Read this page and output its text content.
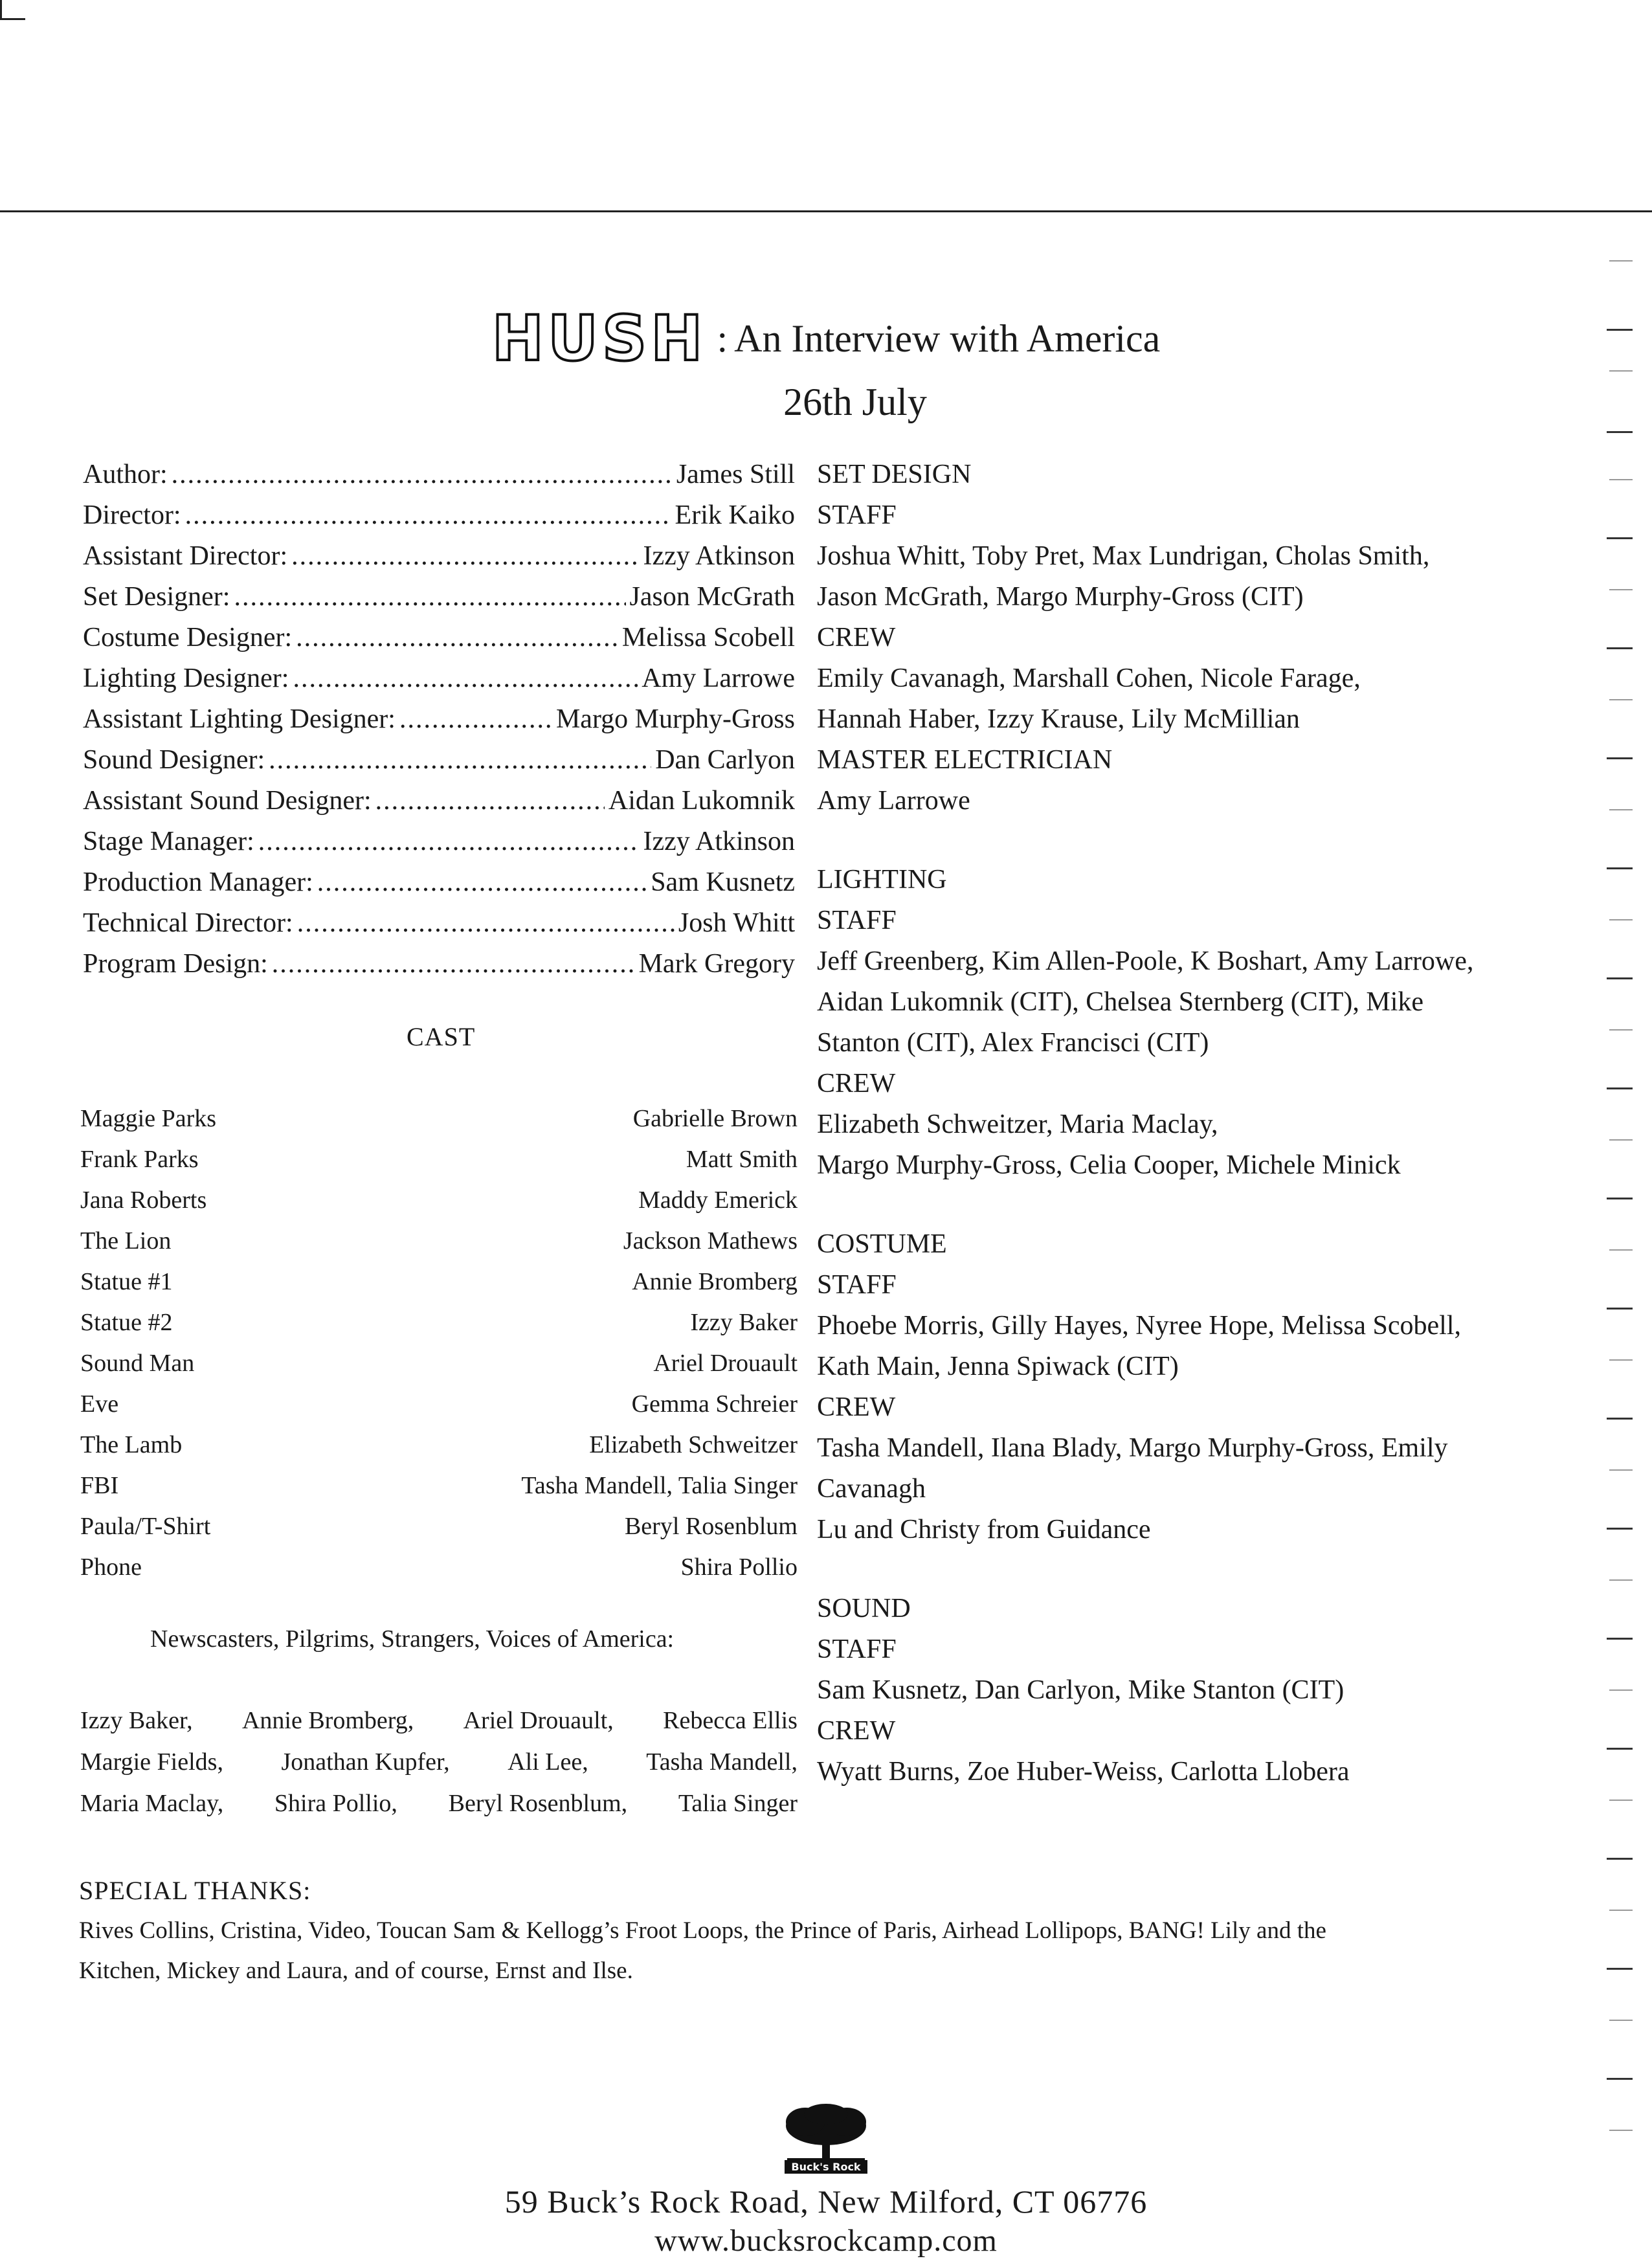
HUSH : An Interview with America
26th July
Author: .....	James Still
Director: .....	Erik Kaiko
Assistant Director: .....	Izzy Atkinson
Set Designer: .....	Jason McGrath
Costume Designer: .....	Melissa Scobell
Lighting Designer: .....	Amy Larrowe
Assistant Lighting Designer: .....	Margo Murphy-Gross
Sound Designer: .....	Dan Carlyon
Assistant Sound Designer: .....	Aidan Lukomnik
Stage Manager: .....	Izzy Atkinson
Production Manager: .....	Sam Kusnetz
Technical Director: .....	Josh Whitt
Program Design: .....	Mark Gregory
CAST
Maggie Parks	Gabrielle Brown
Frank Parks	Matt Smith
Jana Roberts	Maddy Emerick
The Lion	Jackson Mathews
Statue #1	Annie Bromberg
Statue #2	Izzy Baker
Sound Man	Ariel Drouault
Eve	Gemma Schreier
The Lamb	Elizabeth Schweitzer
FBI	Tasha Mandell, Talia Singer
Paula/T-Shirt	Beryl Rosenblum
Phone	Shira Pollio
Newscasters, Pilgrims, Strangers, Voices of America:
Izzy Baker, Annie Bromberg, Ariel Drouault, Rebecca Ellis
Margie Fields, Jonathan Kupfer, Ali Lee, Tasha Mandell,
Maria Maclay, Shira Pollio, Beryl Rosenblum, Talia Singer
SET DESIGN
STAFF
Joshua Whitt, Toby Pret, Max Lundrigan, Cholas Smith,
Jason McGrath, Margo Murphy-Gross (CIT)
CREW
Emily Cavanagh, Marshall Cohen, Nicole Farage,
Hannah Haber, Izzy Krause, Lily McMillian
MASTER ELECTRICIAN
Amy Larrowe
LIGHTING
STAFF
Jeff Greenberg, Kim Allen-Poole, K Boshart, Amy Larrowe,
Aidan Lukomnik (CIT), Chelsea Sternberg (CIT), Mike
Stanton (CIT), Alex Francisci (CIT)
CREW
Elizabeth Schweitzer, Maria Maclay,
Margo Murphy-Gross, Celia Cooper, Michele Minick
COSTUME
STAFF
Phoebe Morris, Gilly Hayes, Nyree Hope, Melissa Scobell,
Kath Main, Jenna Spiwack (CIT)
CREW
Tasha Mandell, Ilana Blady, Margo Murphy-Gross, Emily
Cavanagh
Lu and Christy from Guidance
SOUND
STAFF
Sam Kusnetz, Dan Carlyon, Mike Stanton (CIT)
CREW
Wyatt Burns, Zoe Huber-Weiss, Carlotta Llobera
SPECIAL THANKS:
Rives Collins, Cristina, Video, Toucan Sam & Kellogg’s Froot Loops, the Prince of Paris, Airhead Lollipops, BANG! Lily and the
Kitchen, Mickey and Laura, and of course, Ernst and Ilse.
Buck's Rock
59 Buck’s Rock Road, New Milford, CT 06776
www.bucksrockcamp.com
